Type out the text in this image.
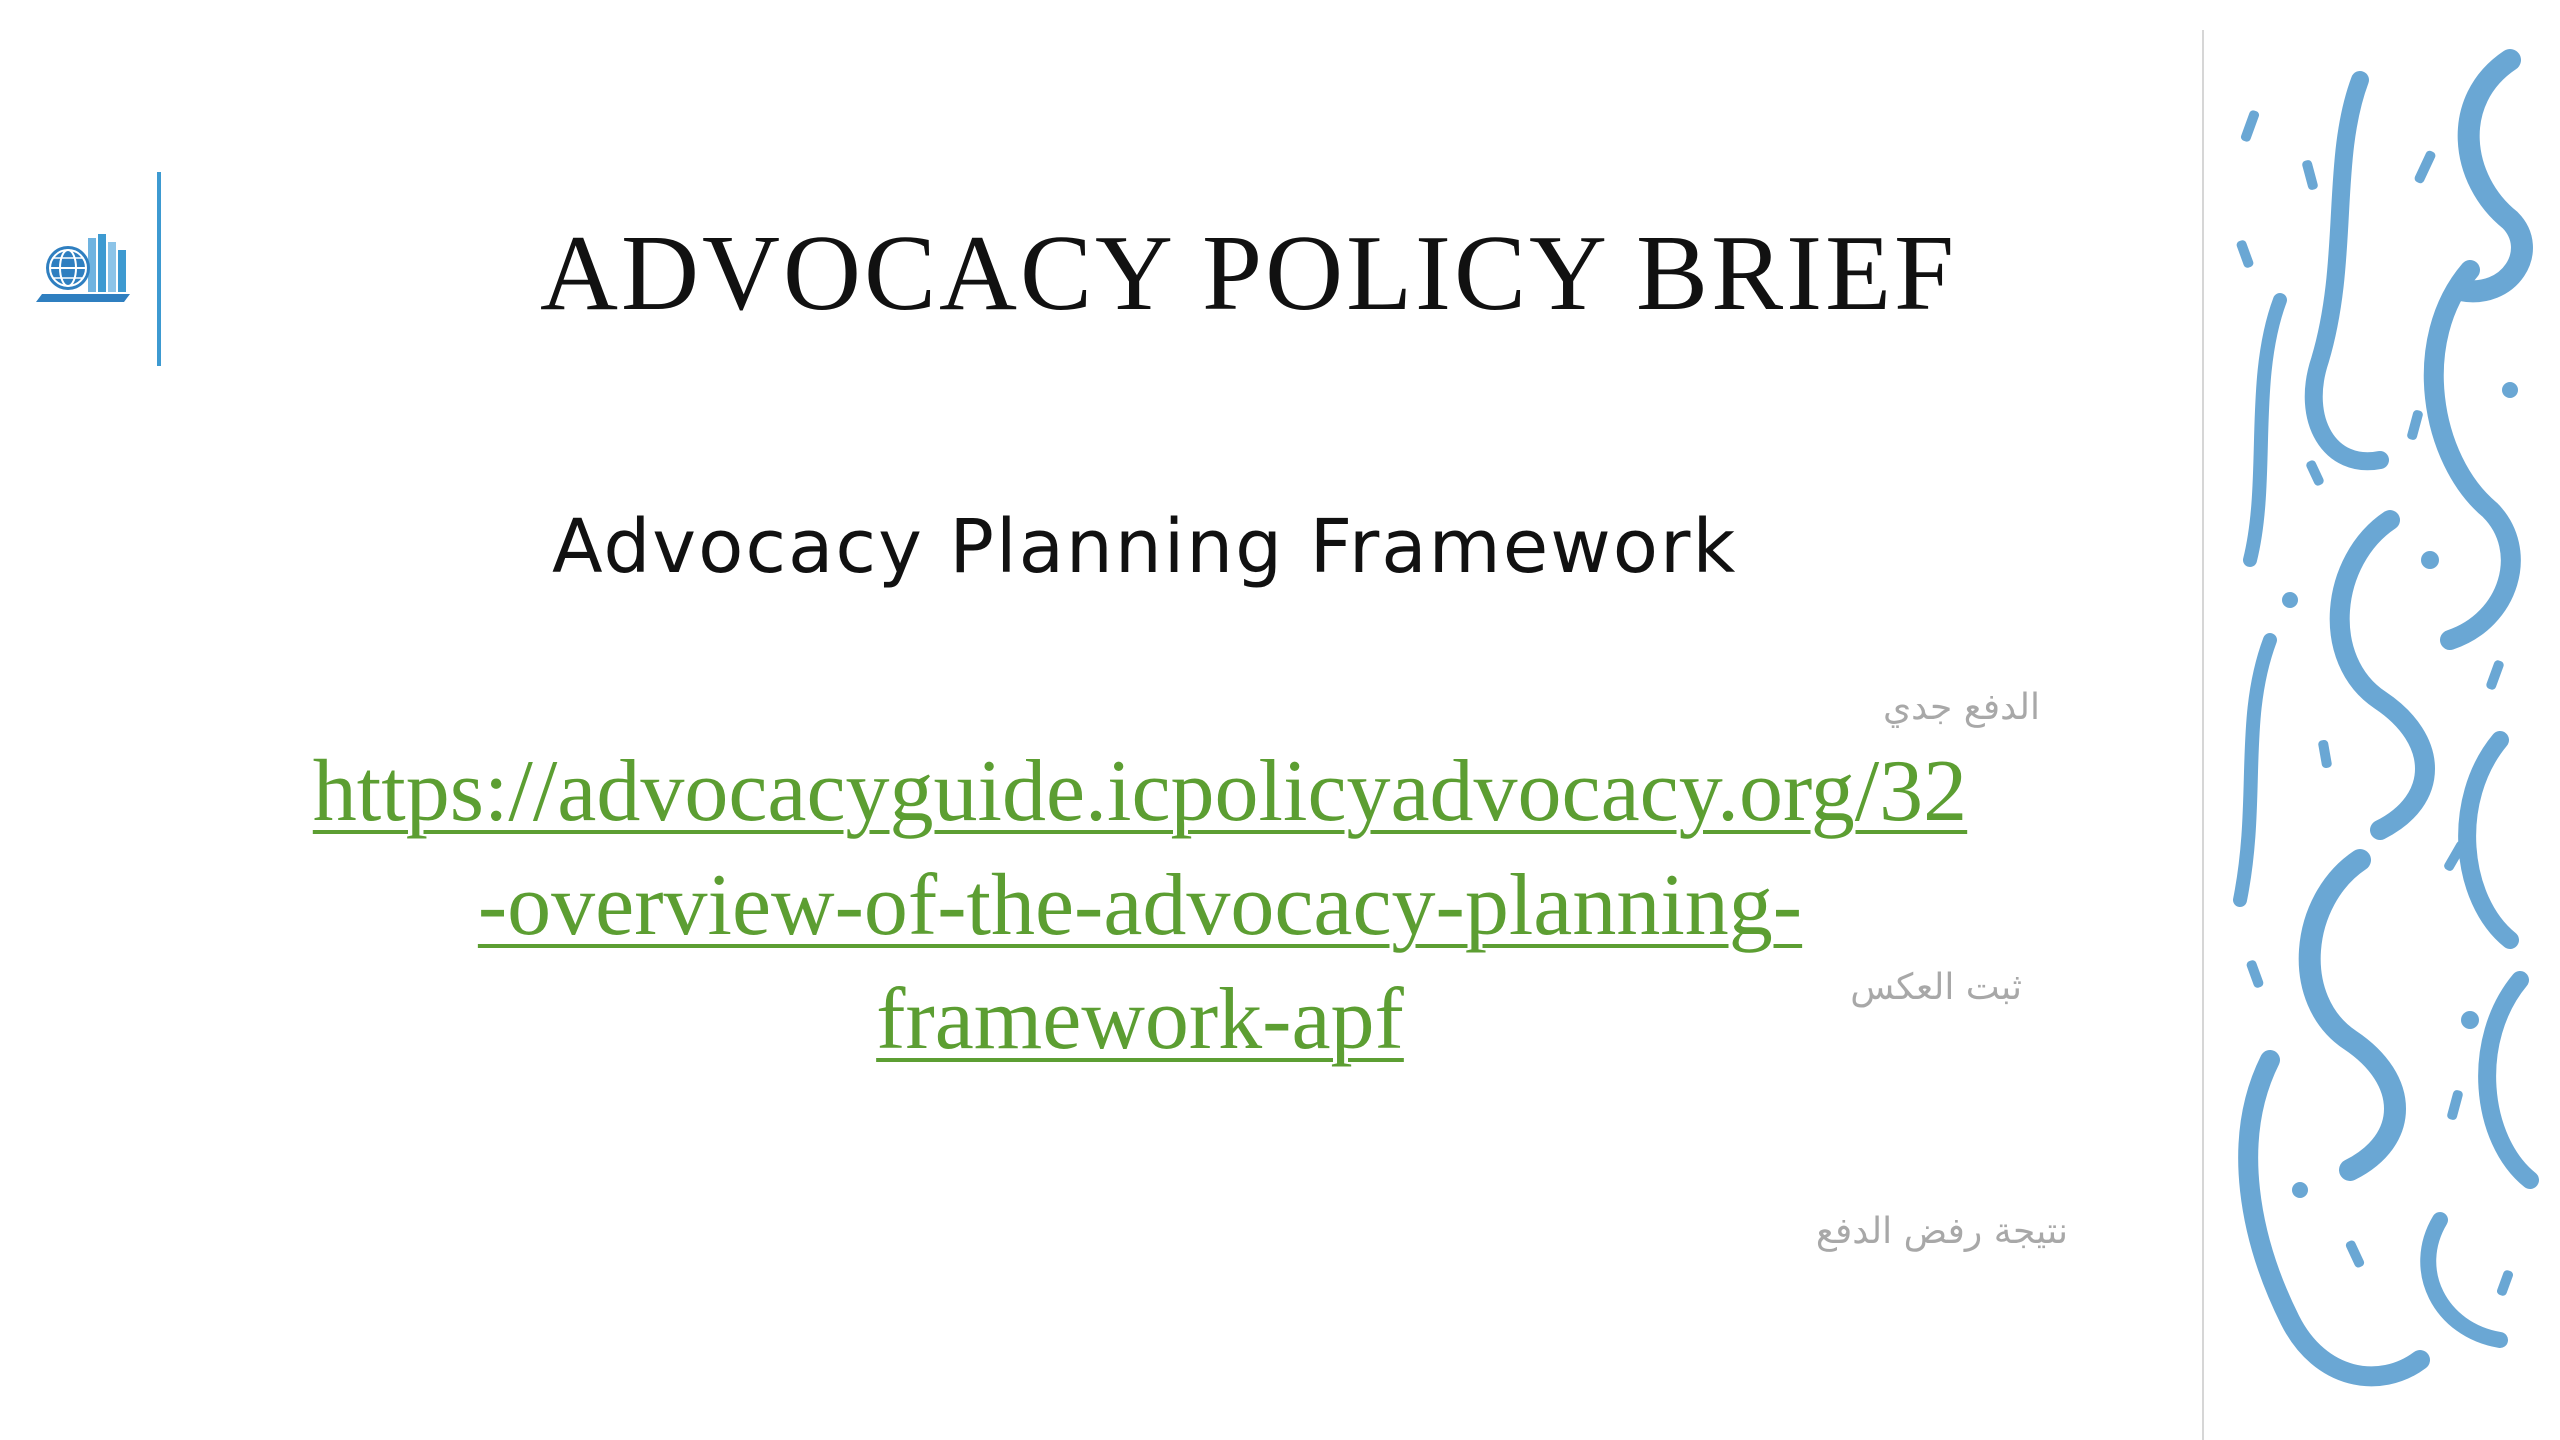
ADVOCACY POLICY BRIEF
Advocacy Planning Framework
https://advocacyguide.icpolicyadvocacy.org/32
-overview-of-the-advocacy-planning-
framework-apf
الدفع جدي
ثبت العكس
نتيجة رفض الدفع
